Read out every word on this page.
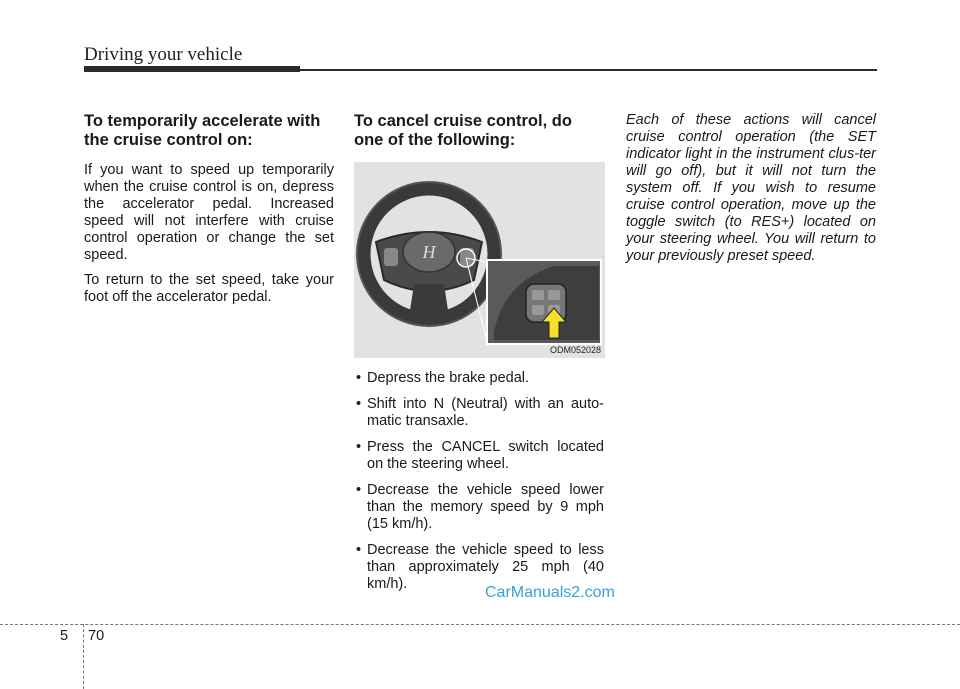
Driving your vehicle
To temporarily accelerate with the cruise control on:

If you want to speed up temporarily when the cruise control is on, depress the accelerator pedal. Increased speed will not interfere with cruise control operation or change the set speed.

To return to the set speed, take your foot off the accelerator pedal.

To cancel cruise control, do one of the following:
H
ODM052028
• Depress the brake pedal.
• Shift into N (Neutral) with an auto-matic transaxle.
• Press the CANCEL switch located on the steering wheel.
• Decrease the vehicle speed lower than the memory speed by 9 mph (15 km/h).
• Decrease the vehicle speed to less than approximately 25 mph (40 km/h).

Each of these actions will cancel cruise control operation (the SET indicator light in the instrument clus-ter will go off), but it will not turn the system off. If you wish to resume cruise control operation, move up the toggle switch (to RES+) located on your steering wheel. You will return to your previously preset speed.

CarManuals2.com
5 70
